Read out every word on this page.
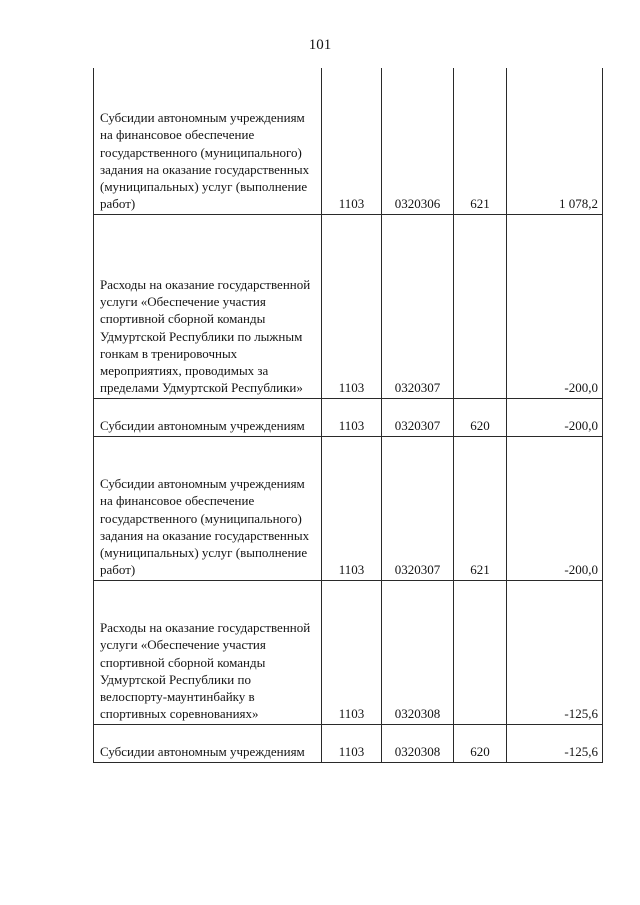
101
Субсидии автономным учреждениям на финансовое обеспечение государственного (муниципального) задания на оказание государственных (муниципальных) услуг (выполнение работ)	1103	0320306	621	1 078,2
Расходы на оказание государственной услуги «Обеспечение участия спортивной сборной команды Удмуртской Республики по лыжным гонкам в тренировочных мероприятиях, проводимых за пределами Удмуртской Республики»	1103	0320307		-200,0
Субсидии автономным учреждениям	1103	0320307	620	-200,0
Субсидии автономным учреждениям на финансовое обеспечение государственного (муниципального) задания на оказание государственных (муниципальных) услуг (выполнение работ)	1103	0320307	621	-200,0
Расходы на оказание государственной услуги «Обеспечение участия спортивной сборной команды Удмуртской Республики по велоспорту-маунтинбайку в спортивных соревнованиях»	1103	0320308		-125,6
Субсидии автономным учреждениям	1103	0320308	620	-125,6
